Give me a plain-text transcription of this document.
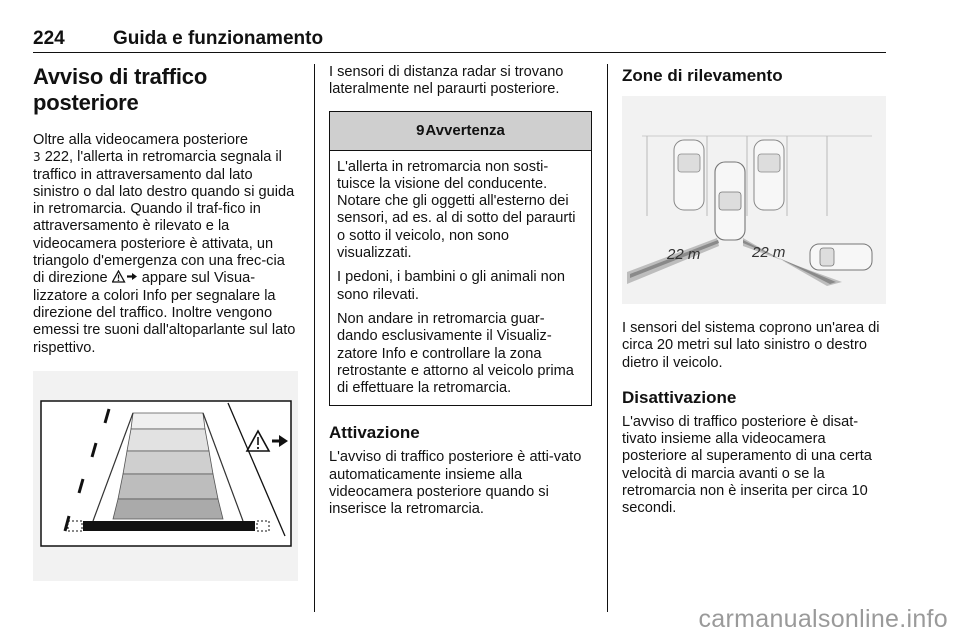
224	Guida e funzionamento
Avviso di traffico posteriore

Oltre alla videocamera posteriore
3 222, l'allerta in retromarcia segnala il traffico in attraversamento dal lato sinistro o dal lato destro quando si guida in retromarcia. Quando il traf-fico in attraversamento è rilevato e la videocamera posteriore è attivata, un triangolo d'emergenza con una frec-cia di direzione  appare sul Visua-lizzatore a colori Info per segnalare la direzione del traffico. Inoltre vengono emessi tre suoni dall'altoparlante sul lato rispettivo.

I sensori di distanza radar si trovano lateralmente nel paraurti posteriore.

9 Avvertenza

L'allerta in retromarcia non sosti-tuisce la visione del conducente. Notare che gli oggetti all'esterno dei sensori, ad es. al di sotto del paraurti o sotto il veicolo, non sono visualizzati.

I pedoni, i bambini o gli animali non sono rilevati.

Non andare in retromarcia guar-dando esclusivamente il Visualiz-zatore Info e controllare la zona retrostante e attorno al veicolo prima di effettuare la retromarcia.

Attivazione

L'avviso di traffico posteriore è atti-vato automaticamente insieme alla videocamera posteriore quando si inserisce la retromarcia.

Zone di rilevamento
22 m	22 m

I sensori del sistema coprono un'area di circa 20 metri sul lato sinistro o destro dietro il veicolo.

Disattivazione

L'avviso di traffico posteriore è disat-tivato insieme alla videocamera posteriore al superamento di una certa velocità di marcia avanti o se la retromarcia non è inserita per circa 10 secondi.

carmanualsonline.info
